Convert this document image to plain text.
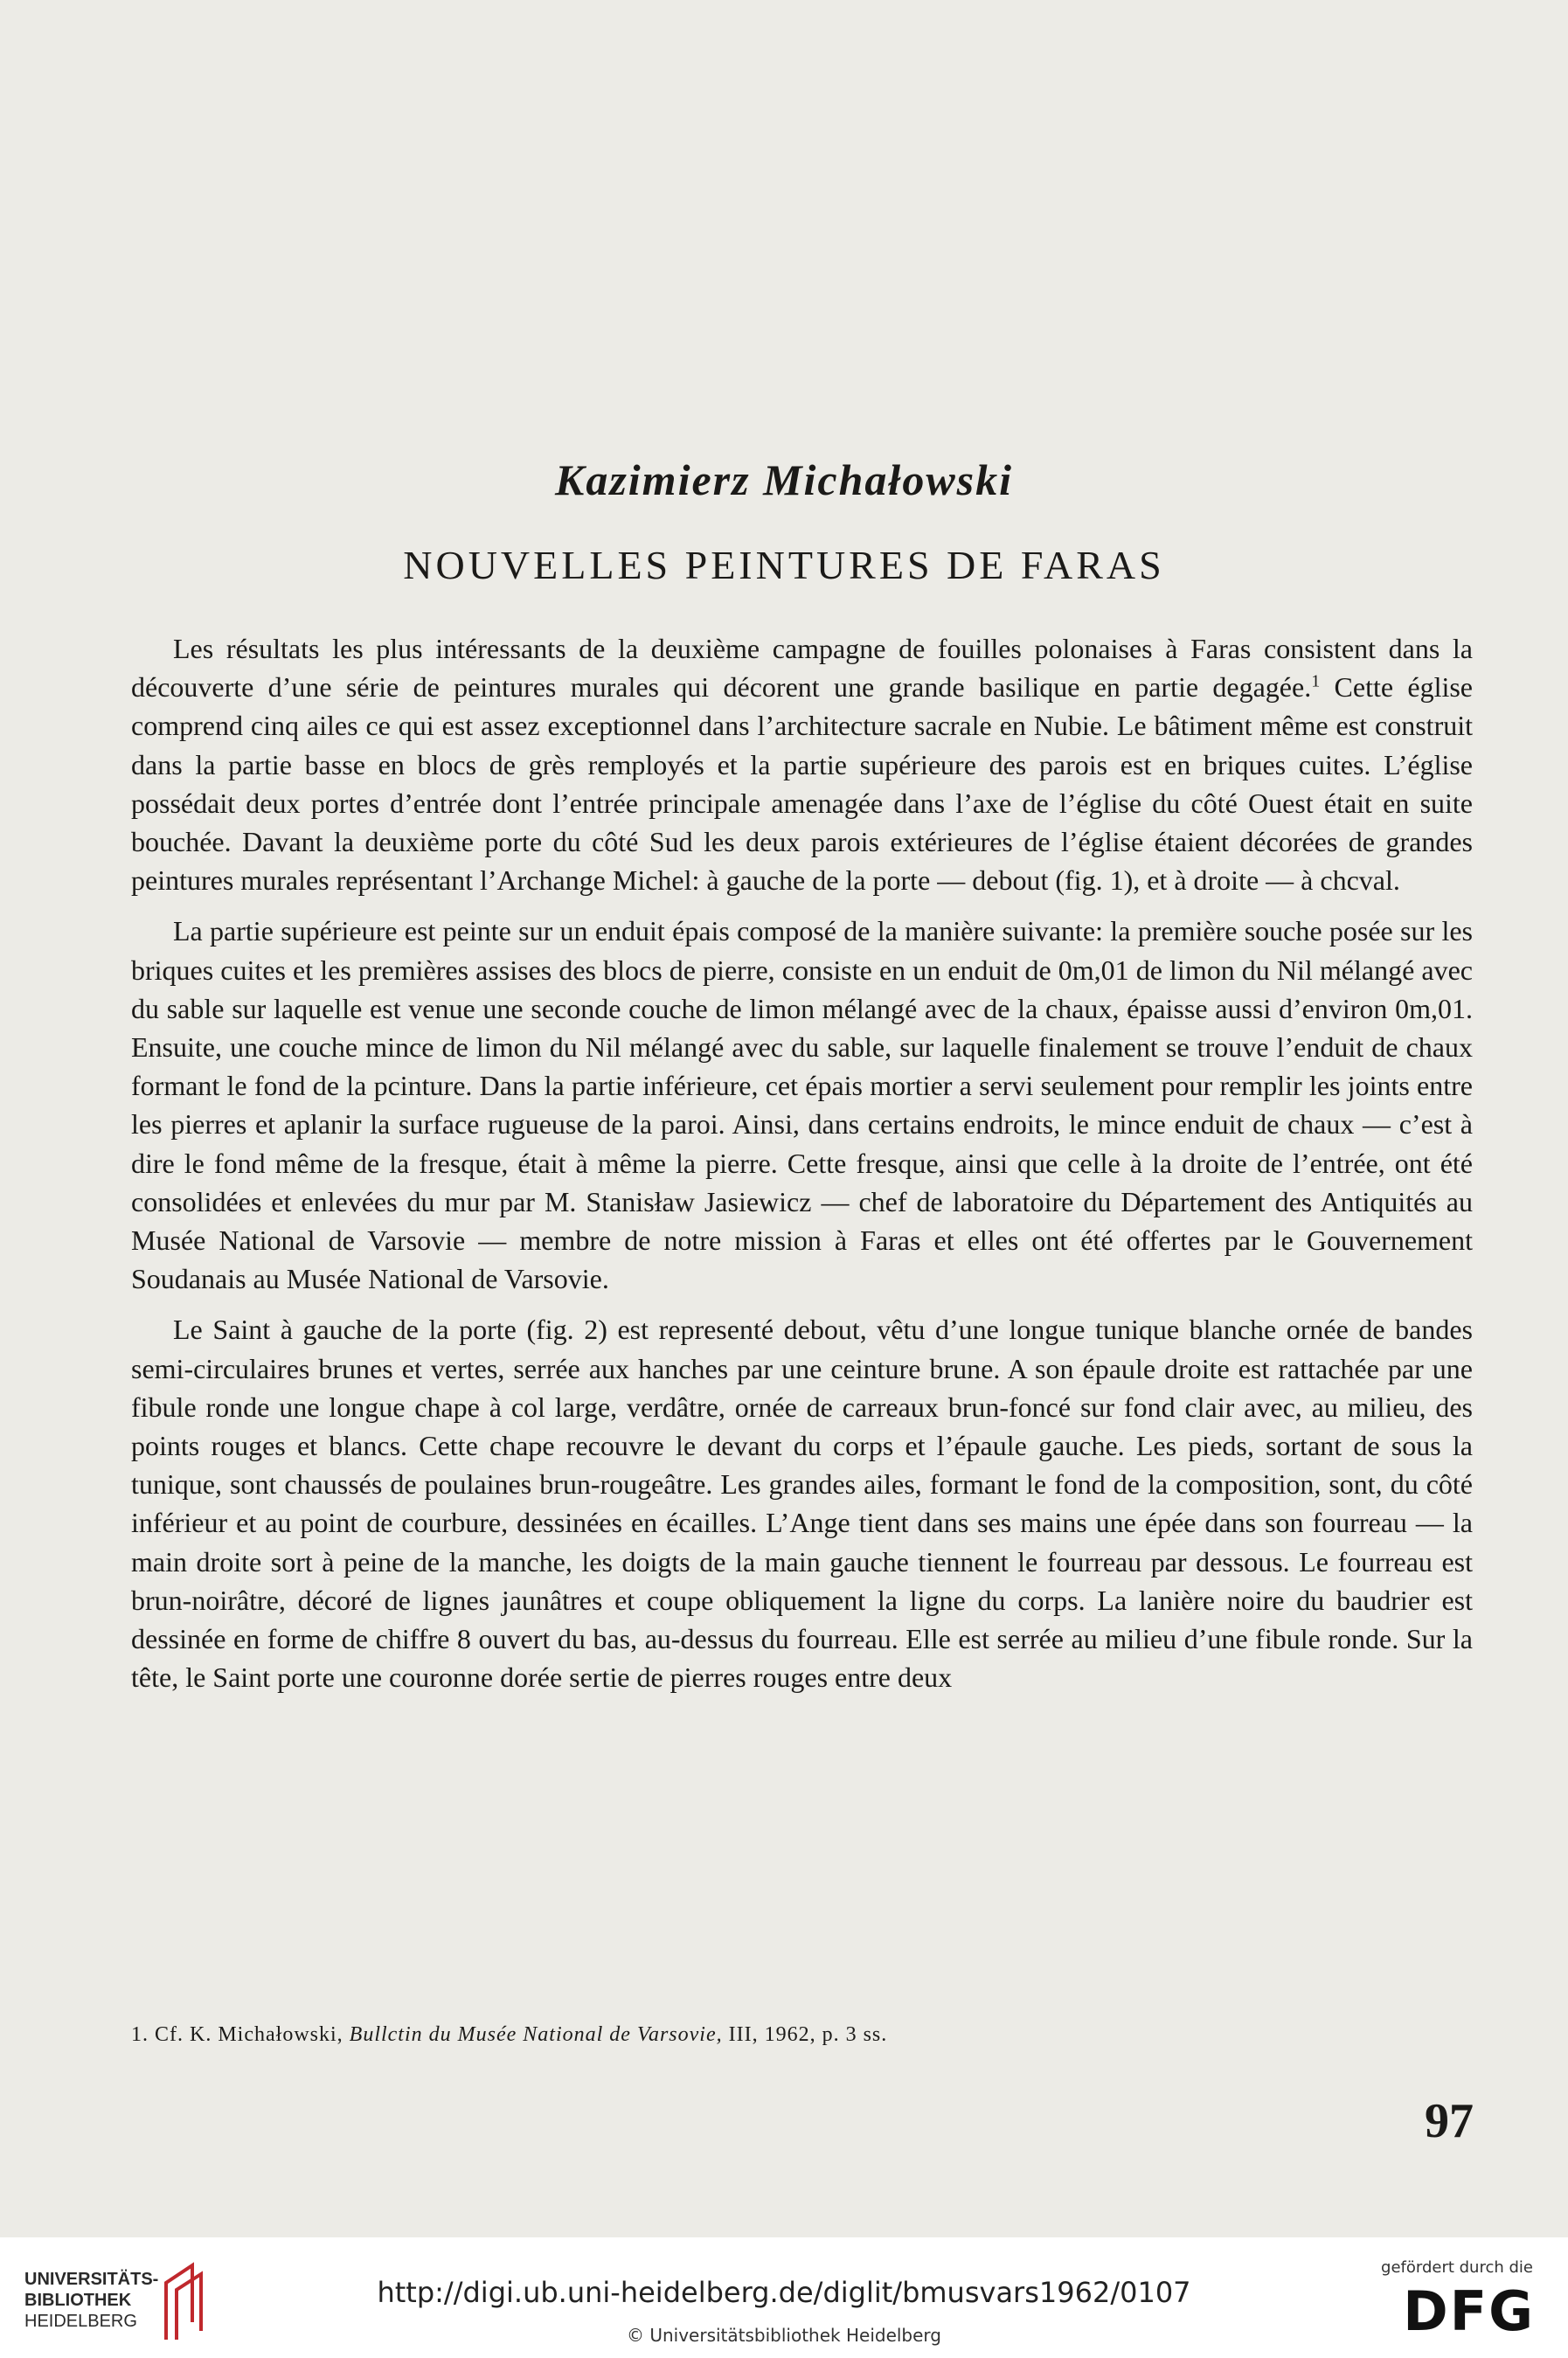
Kazimierz Michałowski
NOUVELLES PEINTURES DE FARAS

Les résultats les plus intéressants de la deuxième campagne de fouilles polonaises à Faras consistent dans la découverte d’une série de peintures murales qui décorent une grande basilique en partie degagée.$^1$ Cette église comprend cinq ailes ce qui est assez exceptionnel dans l’architecture sacrale en Nubie. Le bâtiment même est construit dans la partie basse en blocs de grès remployés et la partie supérieure des parois est en briques cuites. L’église possédait deux portes d’entrée dont l’entrée principale amenagée dans l’axe de l’église du côté Ouest était en suite bouchée. Davant la deuxième porte du côté Sud les deux parois extérieures de l’église étaient décorées de grandes peintures murales représentant l’Archange Michel: à gauche de la porte — debout (fig. 1), et à droite — à chcval.

La partie supérieure est peinte sur un enduit épais composé de la manière suivante: la première souche posée sur les briques cuites et les premières assises des blocs de pierre, consiste en un enduit de 0m,01 de limon du Nil mélangé avec du sable sur laquelle est venue une seconde couche de limon mélangé avec de la chaux, épaisse aussi d’environ 0m,01. Ensuite, une couche mince de limon du Nil mélangé avec du sable, sur laquelle finalement se trouve l’enduit de chaux formant le fond de la pcinture. Dans la partie inférieure, cet épais mortier a servi seulement pour remplir les joints entre les pierres et aplanir la surface rugueuse de la paroi. Ainsi, dans certains endroits, le mince enduit de chaux — c’est à dire le fond même de la fresque, était à même la pierre. Cette fresque, ainsi que celle à la droite de l’entrée, ont été consolidées et enlevées du mur par M. Stanisław Jasiewicz — chef de laboratoire du Département des Antiquités au Musée National de Varsovie — membre de notre mission à Faras et elles ont été offertes par le Gouvernement Soudanais au Musée National de Varsovie.

Le Saint à gauche de la porte (fig. 2) est representé debout, vêtu d’une longue tunique blanche ornée de bandes semi-circulaires brunes et vertes, serrée aux hanches par une ceinture brune. A son épaule droite est rattachée par une fibule ronde une longue chape à col large, verdâtre, ornée de carreaux brun-foncé sur fond clair avec, au milieu, des points rouges et blancs. Cette chape recouvre le devant du corps et l’épaule gauche. Les pieds, sortant de sous la tunique, sont chaussés de poulaines brun-rougeâtre. Les grandes ailes, formant le fond de la composition, sont, du côté inférieur et au point de courbure, dessinées en écailles. L’Ange tient dans ses mains une épée dans son fourreau — la main droite sort à peine de la manche, les doigts de la main gauche tiennent le fourreau par dessous. Le fourreau est brun-noirâtre, décoré de lignes jaunâtres et coupe obliquement la ligne du corps. La lanière noire du baudrier est dessinée en forme de chiffre 8 ouvert du bas, au-dessus du fourreau. Elle est serrée au milieu d’une fibule ronde. Sur la tête, le Saint porte une couronne dorée sertie de pierres rouges entre deux

1. Cf. K. Michałowski, Bullctin du Musée National de Varsovie, III, 1962, p. 3 ss.
97
UNIVERSITÄTS-
BIBLIOTHEK
HEIDELBERG
http://digi.ub.uni-heidelberg.de/diglit/bmusvars1962/0107
© Universitätsbibliothek Heidelberg
gefördert durch die
DFG
